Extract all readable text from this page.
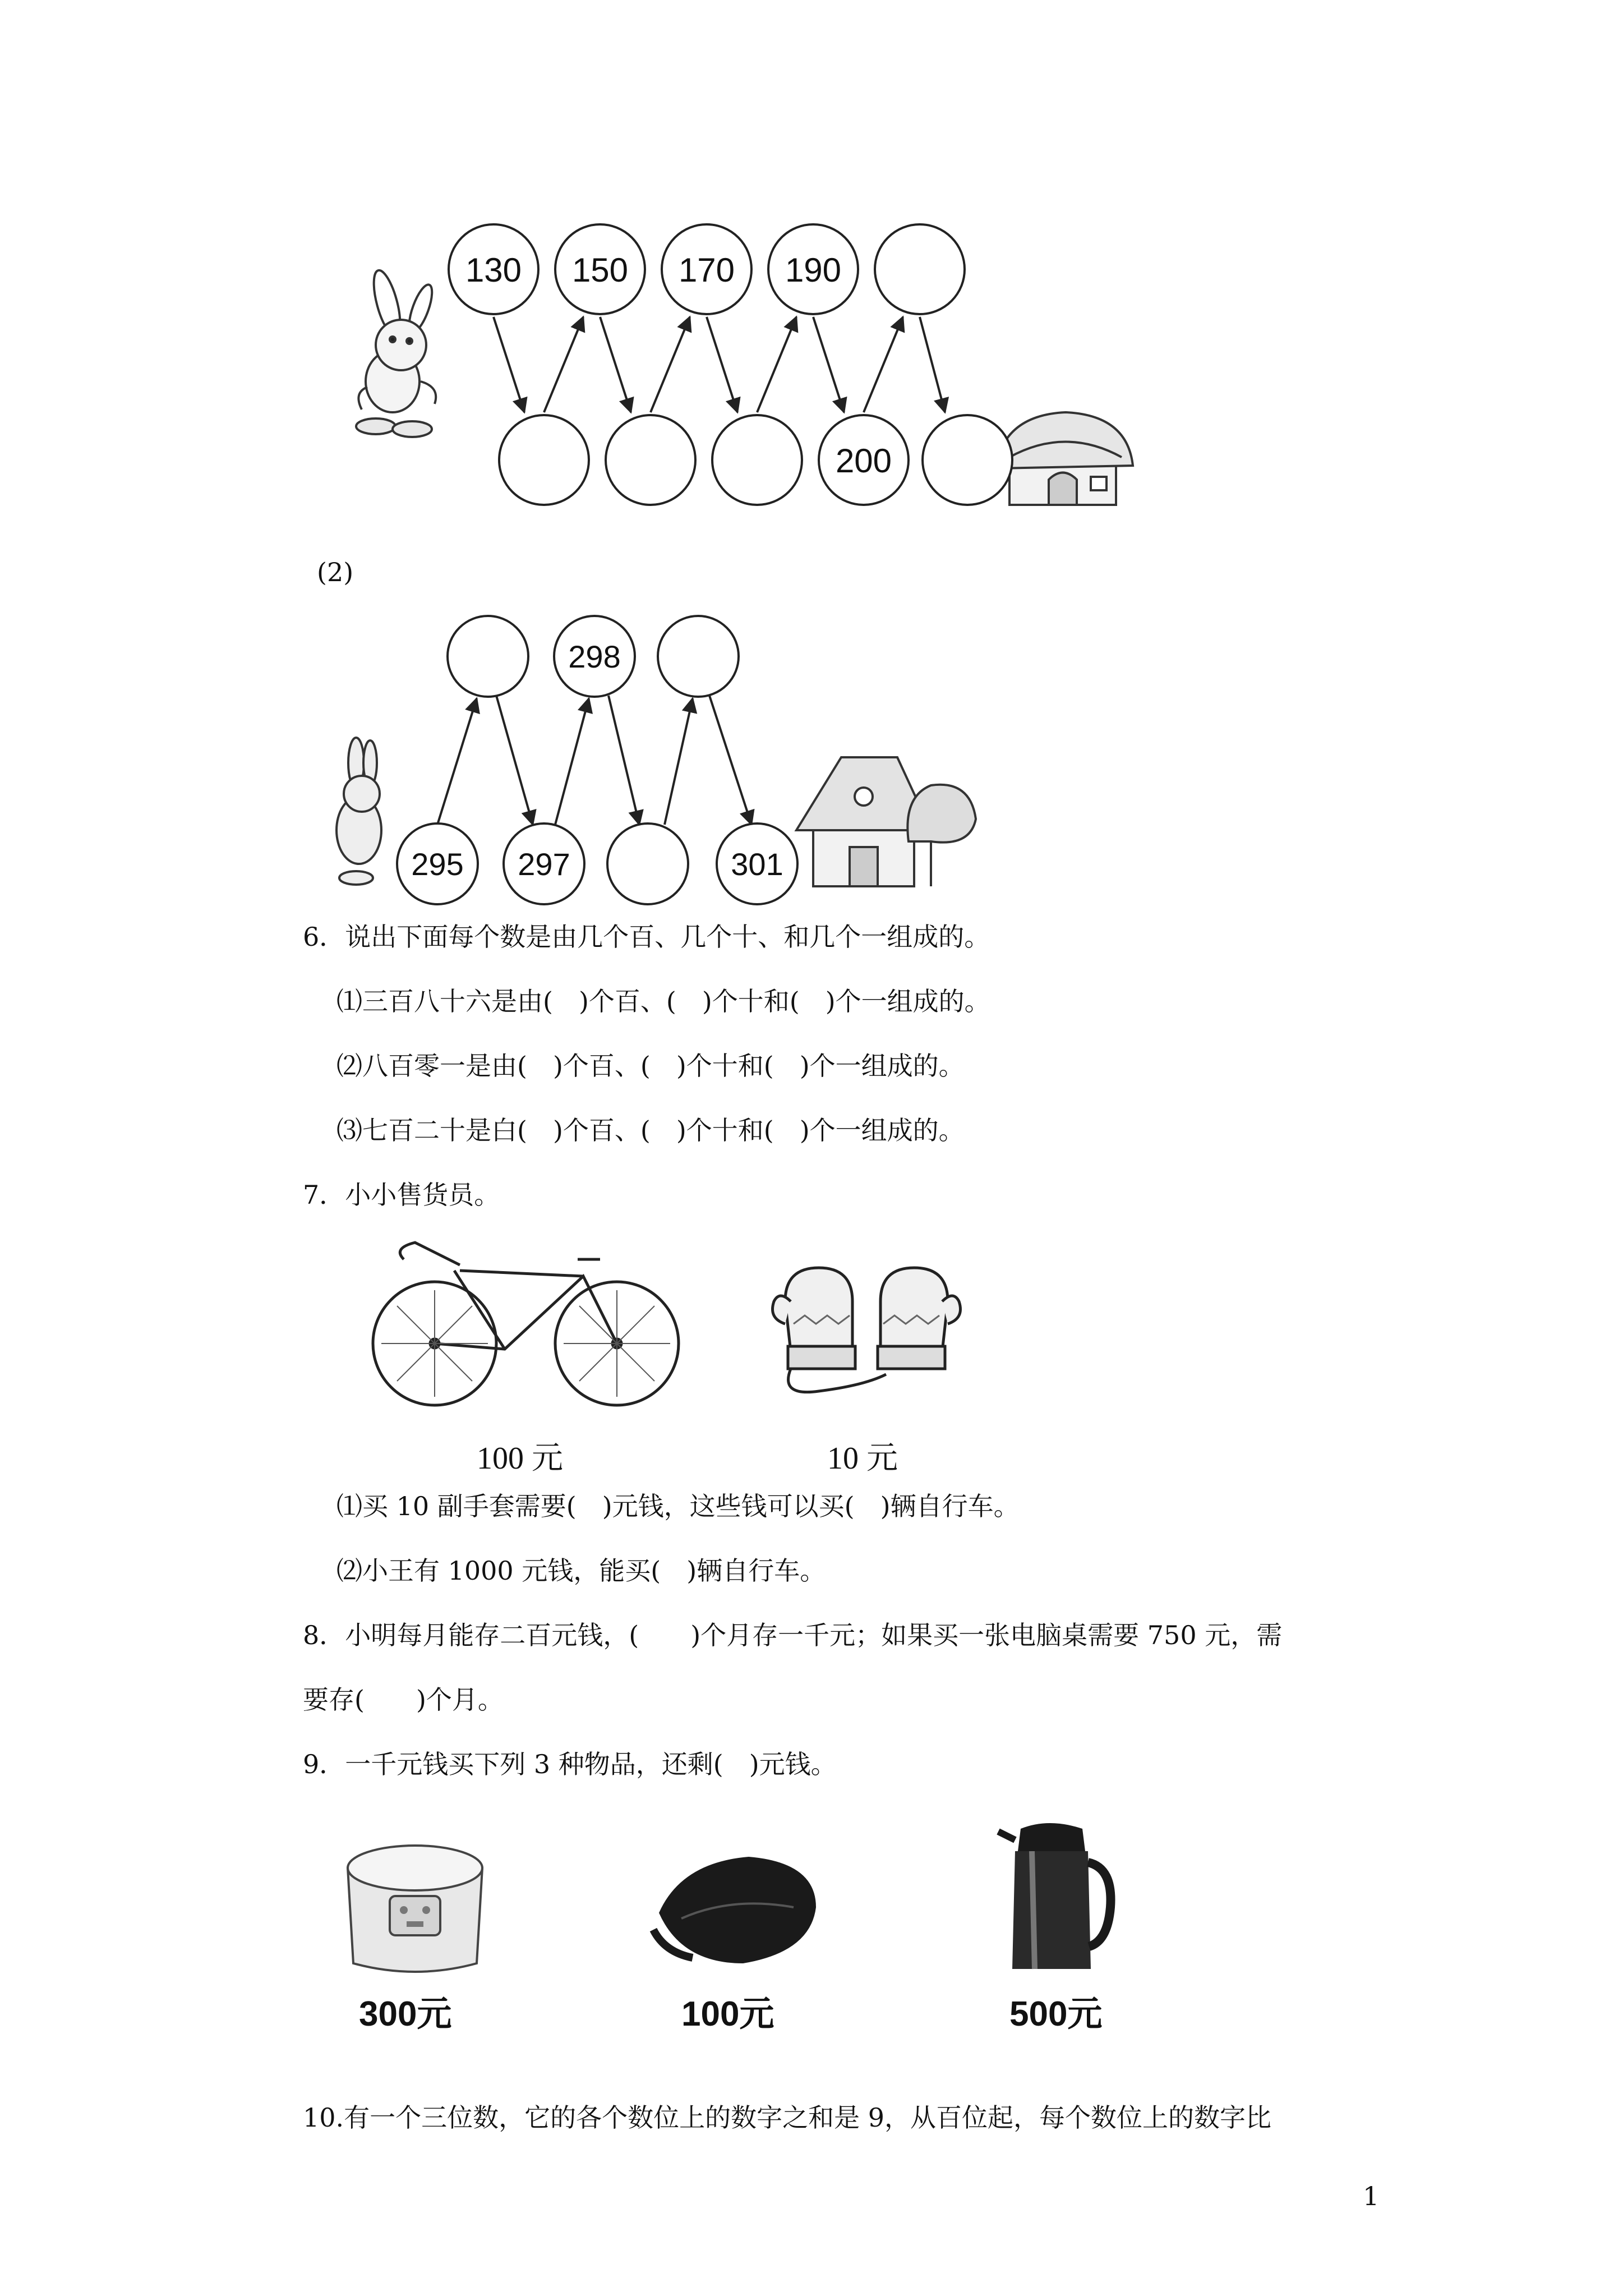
130 150 170 190
200
(2)
298
295 297	301
6．说出下面每个数是由几个百、几个十、和几个一组成的。
⑴三百八十六是由(　)个百、(　)个十和(　)个一组成的。
⑵八百零一是由(　)个百、(　)个十和(　)个一组成的。
⑶七百二十是白(　)个百、(　)个十和(　)个一组成的。
7．小小售货员。
100 元	10 元
⑴买 10 副手套需要(　)元钱，这些钱可以买(　)辆自行车。
⑵小王有 1000 元钱，能买(　)辆自行车。
8．小明每月能存二百元钱，(　　)个月存一千元；如果买一张电脑桌需要 750 元，需
要存(　　)个月。
9．一千元钱买下列 3 种物品，还剩(　)元钱。
300元	100元	500元
10.有一个三位数，它的各个数位上的数字之和是 9，从百位起，每个数位上的数字比
1
